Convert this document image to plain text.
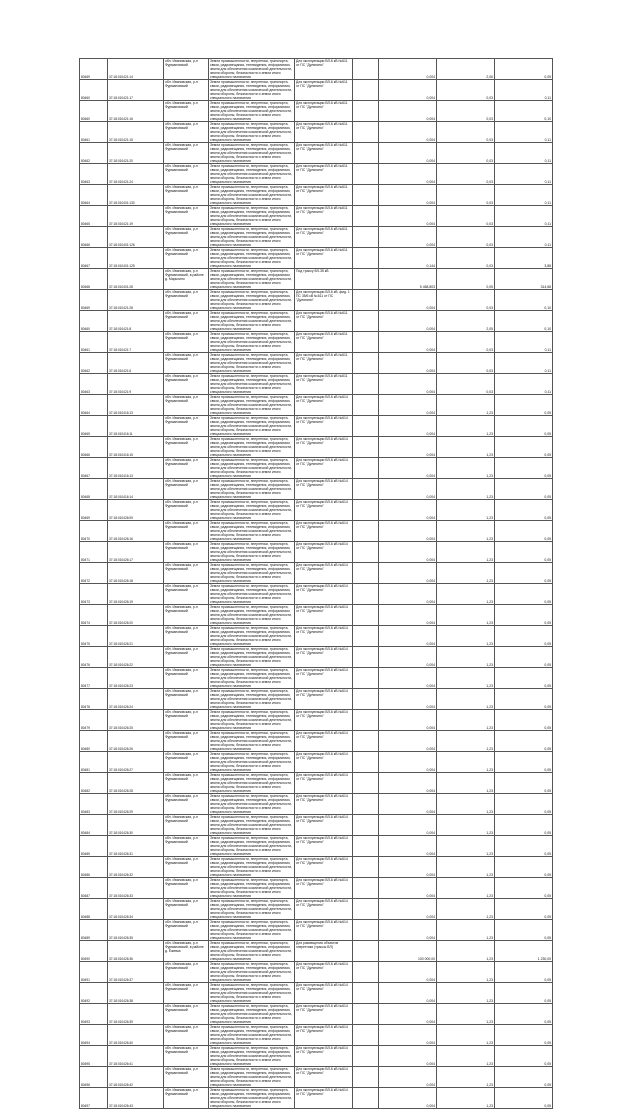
80469	37:18:010421:14	обл. Ивановская, р-н Фурмановский	Земли промышленности, энергетики, транспорта, связи, радиовещания, телевидения, информатики, земли для обеспечения космической деятельности, земли обороны, безопасности и земли иного специального назначения	Для эксплуатации ВЛ-6 кВ №611 от ПС "Дуляпино"		0,004	2,06	0,05
80460	37:18:010421:17	обл. Ивановская, р-н Фурмановский	Земли промышленности, энергетики, транспорта, связи, радиовещания, телевидения, информатики, земли для обеспечения космической деятельности, земли обороны, безопасности и земли иного специального назначения	Для эксплуатации ВЛ-6 кВ №611 от ПС "Дуляпино"		0,004	0,03	0,11
80460	37:18:010421:16	обл. Ивановская, р-н Фурмановский	Земли промышленности, энергетики, транспорта, связи, радиовещания, телевидения, информатики, земли для обеспечения космической деятельности, земли обороны, безопасности и земли иного специального назначения	Для эксплуатации ВЛ-6 кВ №611 от ПС "Дуляпино"		0,004	0,03	0,10
80461	37:18:010421:15	обл. Ивановская, р-н Фурмановский	Земли промышленности, энергетики, транспорта, связи, радиовещания, телевидения, информатики, земли для обеспечения космической деятельности, земли обороны, безопасности и земли иного специального назначения	Для эксплуатации ВЛ-6 кВ №611 от ПС "Дуляпино"		0,004	0,03	0,11
80462	37:18:010421:20	обл. Ивановская, р-н Фурмановский	Земли промышленности, энергетики, транспорта, связи, радиовещания, телевидения, информатики, земли для обеспечения космической деятельности, земли обороны, безопасности и земли иного специального назначения	Для эксплуатации ВЛ-6 кВ №611 от ПС "Дуляпино"		0,004	0,03	0,11
80463	37:18:010421:24	обл. Ивановская, р-н Фурмановский	Земли промышленности, энергетики, транспорта, связи, радиовещания, телевидения, информатики, земли для обеспечения космической деятельности, земли обороны, безопасности и земли иного специального назначения	Для эксплуатации ВЛ-6 кВ №611 от ПС "Дуляпино"		0,004	0,03	0,11
80464	37:18:010401:130	обл. Ивановская, р-н Фурмановский	Земли промышленности, энергетики, транспорта, связи, радиовещания, телевидения, информатики, земли для обеспечения космической деятельности, земли обороны, безопасности и земли иного специального назначения	Для эксплуатации ВЛ-6 кВ №611 от ПС "Дуляпино"		0,004	0,03	0,11
80465	37:18:010421:19	обл. Ивановская, р-н Фурмановский	Земли промышленности, энергетики, транспорта, связи, радиовещания, телевидения, информатики, земли для обеспечения космической деятельности, земли обороны, безопасности и земли иного специального назначения	Для эксплуатации ВЛ-6 кВ №611 от ПС "Дуляпино"		0,004	0,03	0,11
80466	37:18:010401:126	обл. Ивановская, р-н Фурмановский	Земли промышленности, энергетики, транспорта, связи, радиовещания, телевидения, информатики, земли для обеспечения космической деятельности, земли обороны, безопасности и земли иного специального назначения	Для эксплуатации ВЛ-6 кВ №611 от ПС "Дуляпино"		0,004	0,03	0,11
80467	37:18:010401:125	обл. Ивановская, р-н Фурмановский	Земли промышленности, энергетики, транспорта, связи, радиовещания, телевидения, информатики, земли для обеспечения космической деятельности, земли обороны, безопасности и земли иного специального назначения	Для эксплуатации ВЛ-6 кВ №611 от ПС "Дуляпино"		0,144	0,03	3,88
80468	37:18:010401:28	обл. Ивановская, р-н Фурмановский, в районе д. Марыгино	Земли промышленности, энергетики, транспорта, связи, радиовещания, телевидения, информатики, земли для обеспечения космической деятельности, земли обороны, безопасности и земли иного специального назначения	Под трассу ВЛ-35 кВ		5 468,803	0,05	314,68
80469	37:18:010421:28	обл. Ивановская, р-н Фурмановский	Земли промышленности, энергетики, транспорта, связи, радиовещания, телевидения, информатики, земли для обеспечения космической деятельности, земли обороны, безопасности и земли иного специального назначения	Для эксплуатации ВЛ-6 кВ, фид. 1 ПС 35/6 кВ №611 от ПС "Дуляпино"		0,004	0,03	0,10
80460	37:18:010421:8	обл. Ивановская, р-н Фурмановский	Земли промышленности, энергетики, транспорта, связи, радиовещания, телевидения, информатики, земли для обеспечения космической деятельности, земли обороны, безопасности и земли иного специального назначения	Для эксплуатации ВЛ-6 кВ №611 от ПС "Дуляпино"		0,004	2,05	0,10
80461	37:18:010421:7	обл. Ивановская, р-н Фурмановский	Земли промышленности, энергетики, транспорта, связи, радиовещания, телевидения, информатики, земли для обеспечения космической деятельности, земли обороны, безопасности и земли иного специального назначения	Для эксплуатации ВЛ-6 кВ №611 от ПС "Дуляпино"		0,004	0,03	0,11
80462	37:18:010421:6	обл. Ивановская, р-н Фурмановский	Земли промышленности, энергетики, транспорта, связи, радиовещания, телевидения, информатики, земли для обеспечения космической деятельности, земли обороны, безопасности и земли иного специального назначения	Для эксплуатации ВЛ-6 кВ №611 от ПС "Дуляпино"		0,004	0,03	0,11
80463	37:18:010421:9	обл. Ивановская, р-н Фурмановский	Земли промышленности, энергетики, транспорта, связи, радиовещания, телевидения, информатики, земли для обеспечения космической деятельности, земли обороны, безопасности и земли иного специального назначения	Для эксплуатации ВЛ-6 кВ №611 от ПС "Дуляпино"		0,004	0,03	0,11
80464	37:18:010416:13	обл. Ивановская, р-н Фурмановский	Земли промышленности, энергетики, транспорта, связи, радиовещания, телевидения, информатики, земли для обеспечения космической деятельности, земли обороны, безопасности и земли иного специального назначения	Для эксплуатации ВЛ-6 кВ №614 от ПС "Дуляпино"		0,004	1,23	0,05
80465	37:18:010416:11	обл. Ивановская, р-н Фурмановский	Земли промышленности, энергетики, транспорта, связи, радиовещания, телевидения, информатики, земли для обеспечения космической деятельности, земли обороны, безопасности и земли иного специального назначения	Для эксплуатации ВЛ-6 кВ №614 от ПС "Дуляпино"		0,004	1,23	0,05
80466	37:18:010416:15	обл. Ивановская, р-н Фурмановский	Земли промышленности, энергетики, транспорта, связи, радиовещания, телевидения, информатики, земли для обеспечения космической деятельности, земли обороны, безопасности и земли иного специального назначения	Для эксплуатации ВЛ-6 кВ №614 от ПС "Дуляпино"		0,004	1,23	0,05
80467	37:18:010416:13	обл. Ивановская, р-н Фурмановский	Земли промышленности, энергетики, транспорта, связи, радиовещания, телевидения, информатики, земли для обеспечения космической деятельности, земли обороны, безопасности и земли иного специального назначения	Для эксплуатации ВЛ-6 кВ №614 от ПС "Дуляпино"		0,004	1,23	0,05
80468	37:18:010416:14	обл. Ивановская, р-н Фурмановский	Земли промышленности, энергетики, транспорта, связи, радиовещания, телевидения, информатики, земли для обеспечения космической деятельности, земли обороны, безопасности и земли иного специального назначения	Для эксплуатации ВЛ-6 кВ №614 от ПС "Дуляпино"		0,004	1,23	0,05
80469	37:18:010426:09	обл. Ивановская, р-н Фурмановский	Земли промышленности, энергетики, транспорта, связи, радиовещания, телевидения, информатики, земли для обеспечения космической деятельности, земли обороны, безопасности и земли иного специального назначения	Для эксплуатации ВЛ-6 кВ №614 от ПС "Дуляпино"		0,004	1,23	0,05
80470	37:18:010426:16	обл. Ивановская, р-н Фурмановский	Земли промышленности, энергетики, транспорта, связи, радиовещания, телевидения, информатики, земли для обеспечения космической деятельности, земли обороны, безопасности и земли иного специального назначения	Для эксплуатации ВЛ-6 кВ №614 от ПС "Дуляпино"		0,004	1,23	0,05
80471	37:18:010426:17	обл. Ивановская, р-н Фурмановский	Земли промышленности, энергетики, транспорта, связи, радиовещания, телевидения, информатики, земли для обеспечения космической деятельности, земли обороны, безопасности и земли иного специального назначения	Для эксплуатации ВЛ-6 кВ №614 от ПС "Дуляпино"		0,004	1,23	0,05
80472	37:18:010426:18	обл. Ивановская, р-н Фурмановский	Земли промышленности, энергетики, транспорта, связи, радиовещания, телевидения, информатики, земли для обеспечения космической деятельности, земли обороны, безопасности и земли иного специального назначения	Для эксплуатации ВЛ-6 кВ №614 от ПС "Дуляпино"		0,004	1,23	0,05
80473	37:18:010426:19	обл. Ивановская, р-н Фурмановский	Земли промышленности, энергетики, транспорта, связи, радиовещания, телевидения, информатики, земли для обеспечения космической деятельности, земли обороны, безопасности и земли иного специального назначения	Для эксплуатации ВЛ-6 кВ №614 от ПС "Дуляпино"		0,004	1,23	0,05
80474	37:18:010426:20	обл. Ивановская, р-н Фурмановский	Земли промышленности, энергетики, транспорта, связи, радиовещания, телевидения, информатики, земли для обеспечения космической деятельности, земли обороны, безопасности и земли иного специального назначения	Для эксплуатации ВЛ-6 кВ №614 от ПС "Дуляпино"		0,004	1,23	0,05
80475	37:18:010426:21	обл. Ивановская, р-н Фурмановский	Земли промышленности, энергетики, транспорта, связи, радиовещания, телевидения, информатики, земли для обеспечения космической деятельности, земли обороны, безопасности и земли иного специального назначения	Для эксплуатации ВЛ-6 кВ №614 от ПС "Дуляпино"		0,004	1,23	0,05
80476	37:18:010426:22	обл. Ивановская, р-н Фурмановский	Земли промышленности, энергетики, транспорта, связи, радиовещания, телевидения, информатики, земли для обеспечения космической деятельности, земли обороны, безопасности и земли иного специального назначения	Для эксплуатации ВЛ-6 кВ №614 от ПС "Дуляпино"		0,004	1,23	0,05
80477	37:18:010426:23	обл. Ивановская, р-н Фурмановский	Земли промышленности, энергетики, транспорта, связи, радиовещания, телевидения, информатики, земли для обеспечения космической деятельности, земли обороны, безопасности и земли иного специального назначения	Для эксплуатации ВЛ-6 кВ №614 от ПС "Дуляпино"		0,004	1,23	0,05
80478	37:18:010426:24	обл. Ивановская, р-н Фурмановский	Земли промышленности, энергетики, транспорта, связи, радиовещания, телевидения, информатики, земли для обеспечения космической деятельности, земли обороны, безопасности и земли иного специального назначения	Для эксплуатации ВЛ-6 кВ №614 от ПС "Дуляпино"		0,004	1,23	0,05
80479	37:18:010426:25	обл. Ивановская, р-н Фурмановский	Земли промышленности, энергетики, транспорта, связи, радиовещания, телевидения, информатики, земли для обеспечения космической деятельности, земли обороны, безопасности и земли иного специального назначения	Для эксплуатации ВЛ-6 кВ №614 от ПС "Дуляпино"		0,004	1,23	0,05
80480	37:18:010426:26	обл. Ивановская, р-н Фурмановский	Земли промышленности, энергетики, транспорта, связи, радиовещания, телевидения, информатики, земли для обеспечения космической деятельности, земли обороны, безопасности и земли иного специального назначения	Для эксплуатации ВЛ-6 кВ №614 от ПС "Дуляпино"		0,004	1,23	0,05
80481	37:18:010426:27	обл. Ивановская, р-н Фурмановский	Земли промышленности, энергетики, транспорта, связи, радиовещания, телевидения, информатики, земли для обеспечения космической деятельности, земли обороны, безопасности и земли иного специального назначения	Для эксплуатации ВЛ-6 кВ №614 от ПС "Дуляпино"		0,004	1,23	0,05
80482	37:18:010426:28	обл. Ивановская, р-н Фурмановский	Земли промышленности, энергетики, транспорта, связи, радиовещания, телевидения, информатики, земли для обеспечения космической деятельности, земли обороны, безопасности и земли иного специального назначения	Для эксплуатации ВЛ-6 кВ №614 от ПС "Дуляпино"		0,004	1,23	0,05
80483	37:18:010426:29	обл. Ивановская, р-н Фурмановский	Земли промышленности, энергетики, транспорта, связи, радиовещания, телевидения, информатики, земли для обеспечения космической деятельности, земли обороны, безопасности и земли иного специального назначения	Для эксплуатации ВЛ-6 кВ №614 от ПС "Дуляпино"		0,004	1,23	0,05
80484	37:18:010426:30	обл. Ивановская, р-н Фурмановский	Земли промышленности, энергетики, транспорта, связи, радиовещания, телевидения, информатики, земли для обеспечения космической деятельности, земли обороны, безопасности и земли иного специального назначения	Для эксплуатации ВЛ-6 кВ №614 от ПС "Дуляпино"		0,004	1,23	0,05
80485	37:18:010426:31	обл. Ивановская, р-н Фурмановский	Земли промышленности, энергетики, транспорта, связи, радиовещания, телевидения, информатики, земли для обеспечения космической деятельности, земли обороны, безопасности и земли иного специального назначения	Для эксплуатации ВЛ-6 кВ №614 от ПС "Дуляпино"		0,004	1,23	0,05
80486	37:18:010426:32	обл. Ивановская, р-н Фурмановский	Земли промышленности, энергетики, транспорта, связи, радиовещания, телевидения, информатики, земли для обеспечения космической деятельности, земли обороны, безопасности и земли иного специального назначения	Для эксплуатации ВЛ-6 кВ №614 от ПС "Дуляпино"		0,004	1,23	0,05
80487	37:18:010426:33	обл. Ивановская, р-н Фурмановский	Земли промышленности, энергетики, транспорта, связи, радиовещания, телевидения, информатики, земли для обеспечения космической деятельности, земли обороны, безопасности и земли иного специального назначения	Для эксплуатации ВЛ-6 кВ №614 от ПС "Дуляпино"		0,004	1,23	0,05
80488	37:18:010426:34	обл. Ивановская, р-н Фурмановский	Земли промышленности, энергетики, транспорта, связи, радиовещания, телевидения, информатики, земли для обеспечения космической деятельности, земли обороны, безопасности и земли иного специального назначения	Для эксплуатации ВЛ-6 кВ №614 от ПС "Дуляпино"		0,004	1,23	0,05
80489	37:18:010426:35	обл. Ивановская, р-н Фурмановский	Земли промышленности, энергетики, транспорта, связи, радиовещания, телевидения, информатики, земли для обеспечения космической деятельности, земли обороны, безопасности и земли иного специального назначения	Для эксплуатации ВЛ-6 кВ №614 от ПС "Дуляпино"		0,004	1,23	0,05
80490	37:18:010426:36	обл. Ивановская, р-н Фурмановский, в районе д. Ёжевка	Земли промышленности, энергетики, транспорта, связи, радиовещания, телевидения, информатики, земли для обеспечения космической деятельности, земли обороны, безопасности и земли иного специального назначения	Для размещения объектов энергетики (трассы ВЛ)		100 000,00	1,23	1 230,00
80491	37:18:010426:37	обл. Ивановская, р-н Фурмановский	Земли промышленности, энергетики, транспорта, связи, радиовещания, телевидения, информатики, земли для обеспечения космической деятельности, земли обороны, безопасности и земли иного специального назначения	Для эксплуатации ВЛ-6 кВ №614 от ПС "Дуляпино"		0,004	1,23	0,05
80492	37:18:010426:38	обл. Ивановская, р-н Фурмановский	Земли промышленности, энергетики, транспорта, связи, радиовещания, телевидения, информатики, земли для обеспечения космической деятельности, земли обороны, безопасности и земли иного специального назначения	Для эксплуатации ВЛ-6 кВ №614 от ПС "Дуляпино"		0,004	1,23	0,05
80493	37:18:010426:39	обл. Ивановская, р-н Фурмановский	Земли промышленности, энергетики, транспорта, связи, радиовещания, телевидения, информатики, земли для обеспечения космической деятельности, земли обороны, безопасности и земли иного специального назначения	Для эксплуатации ВЛ-6 кВ №614 от ПС "Дуляпино"		0,004	1,23	0,05
80494	37:18:010426:40	обл. Ивановская, р-н Фурмановский	Земли промышленности, энергетики, транспорта, связи, радиовещания, телевидения, информатики, земли для обеспечения космической деятельности, земли обороны, безопасности и земли иного специального назначения	Для эксплуатации ВЛ-6 кВ №614 от ПС "Дуляпино"		0,004	1,23	0,05
80495	37:18:010426:41	обл. Ивановская, р-н Фурмановский	Земли промышленности, энергетики, транспорта, связи, радиовещания, телевидения, информатики, земли для обеспечения космической деятельности, земли обороны, безопасности и земли иного специального назначения	Для эксплуатации ВЛ-6 кВ №614 от ПС "Дуляпино"		0,004	1,23	0,05
80496	37:18:010426:42	обл. Ивановская, р-н Фурмановский	Земли промышленности, энергетики, транспорта, связи, радиовещания, телевидения, информатики, земли для обеспечения космической деятельности, земли обороны, безопасности и земли иного специального назначения	Для эксплуатации ВЛ-6 кВ №614 от ПС "Дуляпино"		0,004	1,23	0,05
80497	37:18:010426:43	обл. Ивановская, р-н Фурмановский	Земли промышленности, энергетики, транспорта, связи, радиовещания, телевидения, информатики, земли для обеспечения космической деятельности, земли обороны, безопасности и земли иного специального назначения	Для эксплуатации ВЛ-6 кВ №614 от ПС "Дуляпино"		0,004	1,23	0,05
